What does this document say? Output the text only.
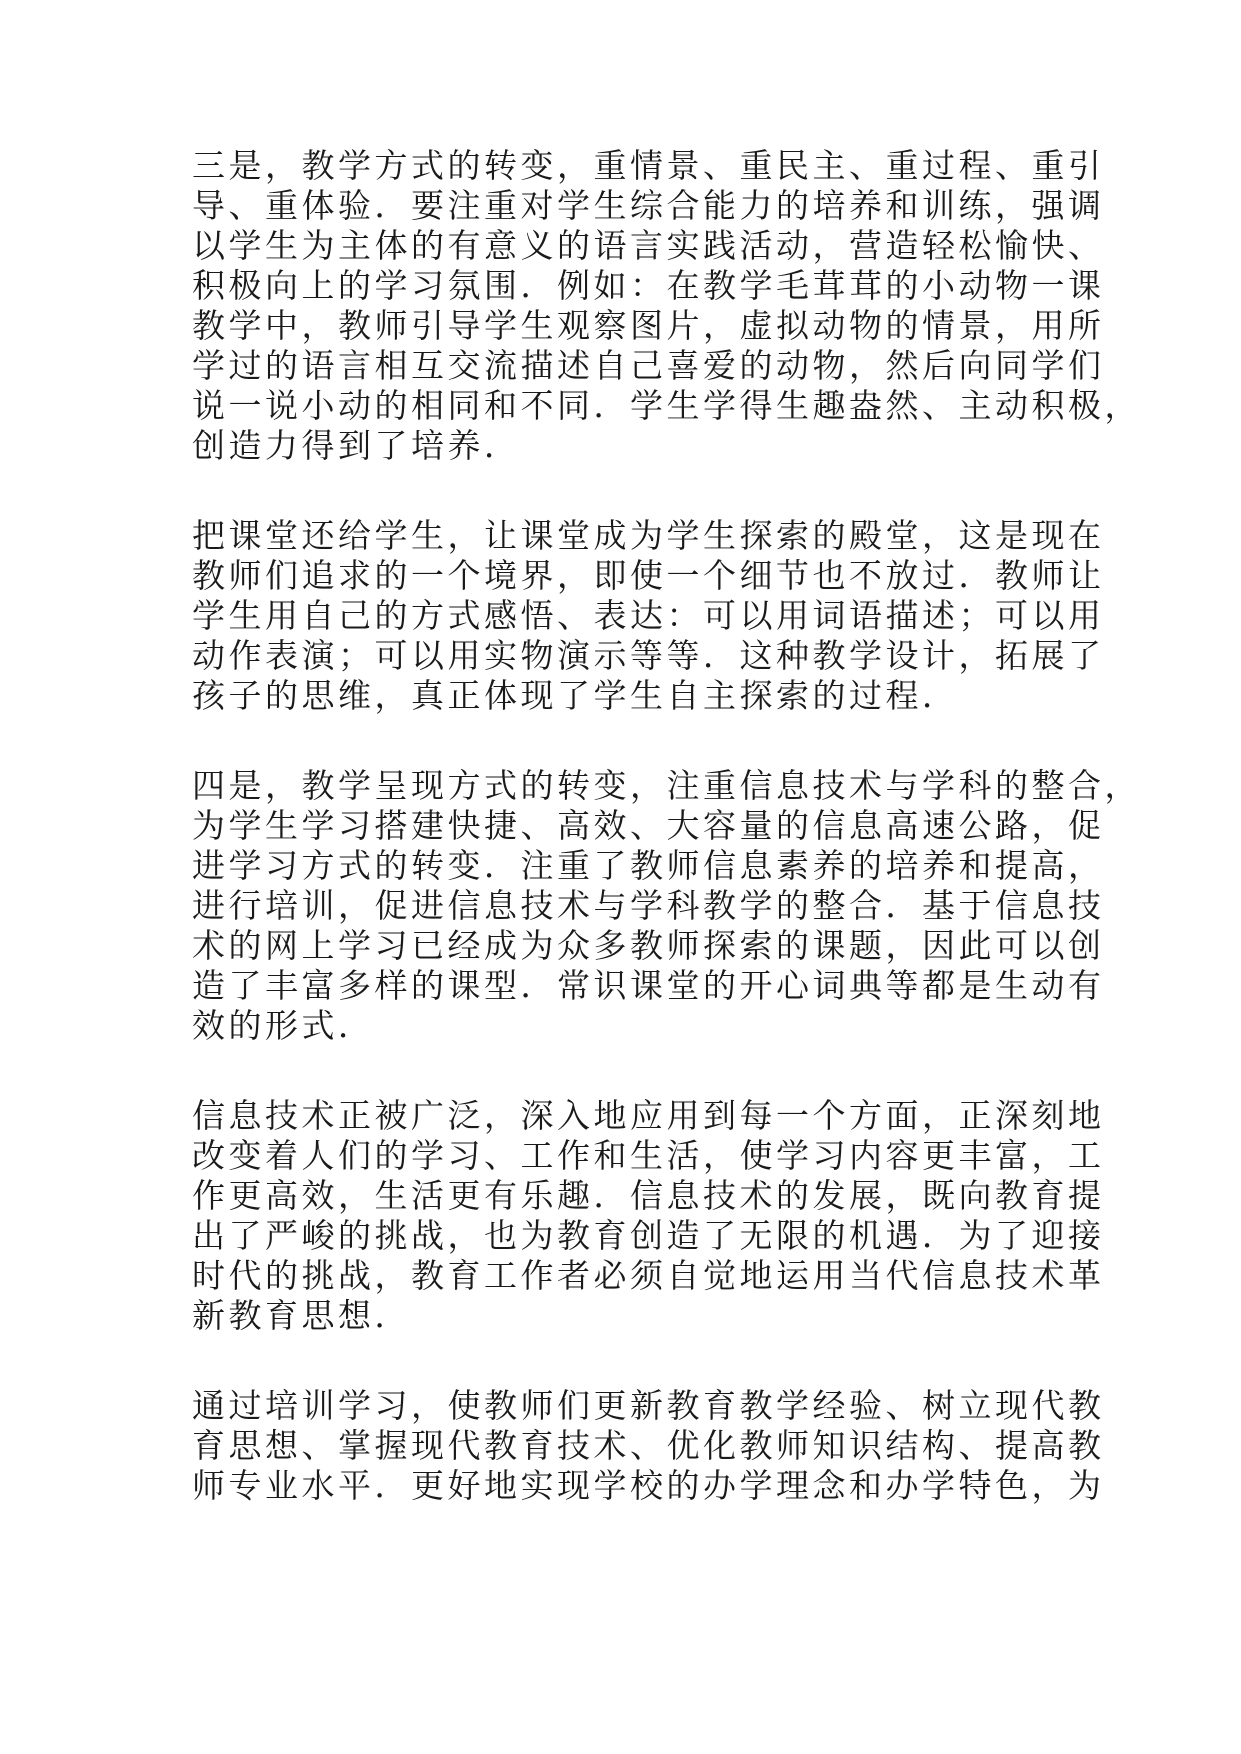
三是，教学方式的转变，重情景、重民主、重过程、重引
导、重体验．要注重对学生综合能力的培养和训练，强调
以学生为主体的有意义的语言实践活动，营造轻松愉快、
积极向上的学习氛围．例如：在教学毛茸茸的小动物一课
教学中，教师引导学生观察图片，虚拟动物的情景，用所
学过的语言相互交流描述自己喜爱的动物，然后向同学们
说一说小动的相同和不同．学生学得生趣盎然、主动积极，
创造力得到了培养．
把课堂还给学生，让课堂成为学生探索的殿堂，这是现在
教师们追求的一个境界，即使一个细节也不放过．教师让
学生用自己的方式感悟、表达：可以用词语描述；可以用
动作表演；可以用实物演示等等．这种教学设计，拓展了
孩子的思维，真正体现了学生自主探索的过程．
四是，教学呈现方式的转变，注重信息技术与学科的整合，
为学生学习搭建快捷、高效、大容量的信息高速公路，促
进学习方式的转变．注重了教师信息素养的培养和提高，
进行培训，促进信息技术与学科教学的整合．基于信息技
术的网上学习已经成为众多教师探索的课题，因此可以创
造了丰富多样的课型．常识课堂的开心词典等都是生动有
效的形式．
信息技术正被广泛，深入地应用到每一个方面，正深刻地
改变着人们的学习、工作和生活，使学习内容更丰富，工
作更高效，生活更有乐趣．信息技术的发展，既向教育提
出了严峻的挑战，也为教育创造了无限的机遇．为了迎接
时代的挑战，教育工作者必须自觉地运用当代信息技术革
新教育思想．
通过培训学习，使教师们更新教育教学经验、树立现代教
育思想、掌握现代教育技术、优化教师知识结构、提高教
师专业水平．更好地实现学校的办学理念和办学特色，为
